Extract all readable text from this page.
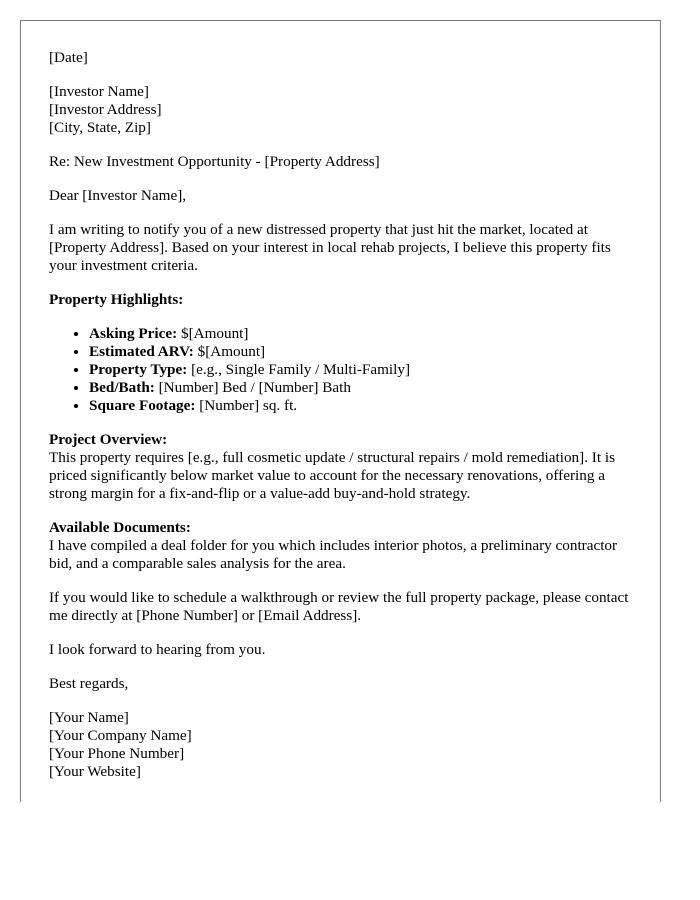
[Date]

[Investor Name]
[Investor Address]
[City, State, Zip]

Re: New Investment Opportunity - [Property Address]

Dear [Investor Name],

I am writing to notify you of a new distressed property that just hit the market, located at [Property Address]. Based on your interest in local rehab projects, I believe this property fits your investment criteria.

Property Highlights:

• Asking Price: $[Amount]
• Estimated ARV: $[Amount]
• Property Type: [e.g., Single Family / Multi-Family]
• Bed/Bath: [Number] Bed / [Number] Bath
• Square Footage: [Number] sq. ft.

Project Overview:
This property requires [e.g., full cosmetic update / structural repairs / mold remediation]. It is priced significantly below market value to account for the necessary renovations, offering a strong margin for a fix-and-flip or a value-add buy-and-hold strategy.

Available Documents:
I have compiled a deal folder for you which includes interior photos, a preliminary contractor bid, and a comparable sales analysis for the area.

If you would like to schedule a walkthrough or review the full property package, please contact me directly at [Phone Number] or [Email Address].

I look forward to hearing from you.

Best regards,

[Your Name]
[Your Company Name]
[Your Phone Number]
[Your Website]
